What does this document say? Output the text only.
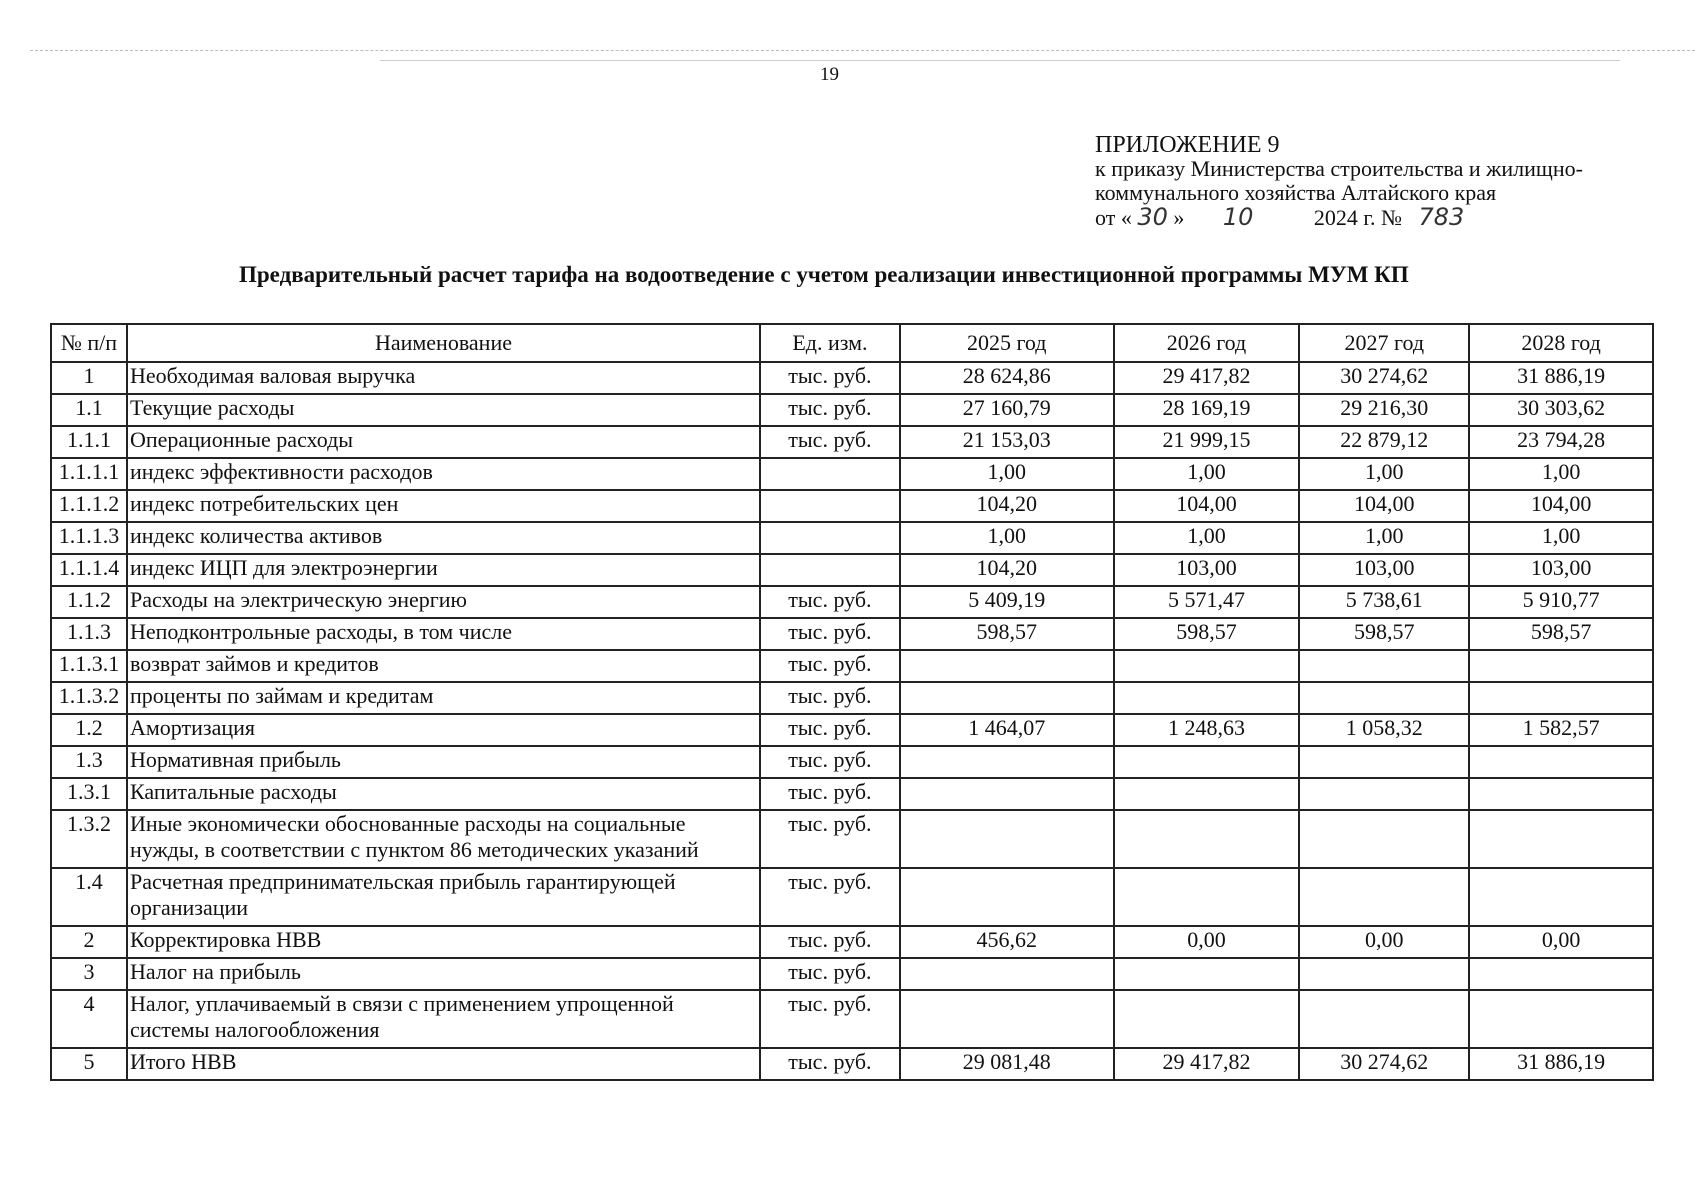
19
ПРИЛОЖЕНИЕ 9
к приказу Министерства строительства и жилищно-
коммунального хозяйства Алтайского края
от « 30 » 10	2024 г. № 783
Предварительный расчет тарифа на водоотведение с учетом реализации инвестиционной программы МУМ КП
№ п/п	Наименование	Ед. изм.	2025 год	2026 год	2027 год	2028 год
1	Необходимая валовая выручка	тыс. руб.	28 624,86	29 417,82	30 274,62	31 886,19
1.1	Текущие расходы	тыс. руб.	27 160,79	28 169,19	29 216,30	30 303,62
1.1.1	Операционные расходы	тыс. руб.	21 153,03	21 999,15	22 879,12	23 794,28
1.1.1.1	индекс эффективности расходов		1,00	1,00	1,00	1,00
1.1.1.2	индекс потребительских цен		104,20	104,00	104,00	104,00
1.1.1.3	индекс количества активов		1,00	1,00	1,00	1,00
1.1.1.4	индекс ИЦП для электроэнергии		104,20	103,00	103,00	103,00
1.1.2	Расходы на электрическую энергию	тыс. руб.	5 409,19	5 571,47	5 738,61	5 910,77
1.1.3	Неподконтрольные расходы, в том числе	тыс. руб.	598,57	598,57	598,57	598,57
1.1.3.1	возврат займов и кредитов	тыс. руб.				
1.1.3.2	проценты по займам и кредитам	тыс. руб.				
1.2	Амортизация	тыс. руб.	1 464,07	1 248,63	1 058,32	1 582,57
1.3	Нормативная прибыль	тыс. руб.				
1.3.1	Капитальные расходы	тыс. руб.				
1.3.2	Иные экономически обоснованные расходы на социальные нужды, в соответствии с пунктом 86 методических указаний	тыс. руб.				
1.4	Расчетная предпринимательская прибыль гарантирующей организации	тыс. руб.				
2	Корректировка НВВ	тыс. руб.	456,62	0,00	0,00	0,00
3	Налог на прибыль	тыс. руб.				
4	Налог, уплачиваемый в связи с применением упрощенной системы налогообложения	тыс. руб.				
5	Итого НВВ	тыс. руб.	29 081,48	29 417,82	30 274,62	31 886,19
